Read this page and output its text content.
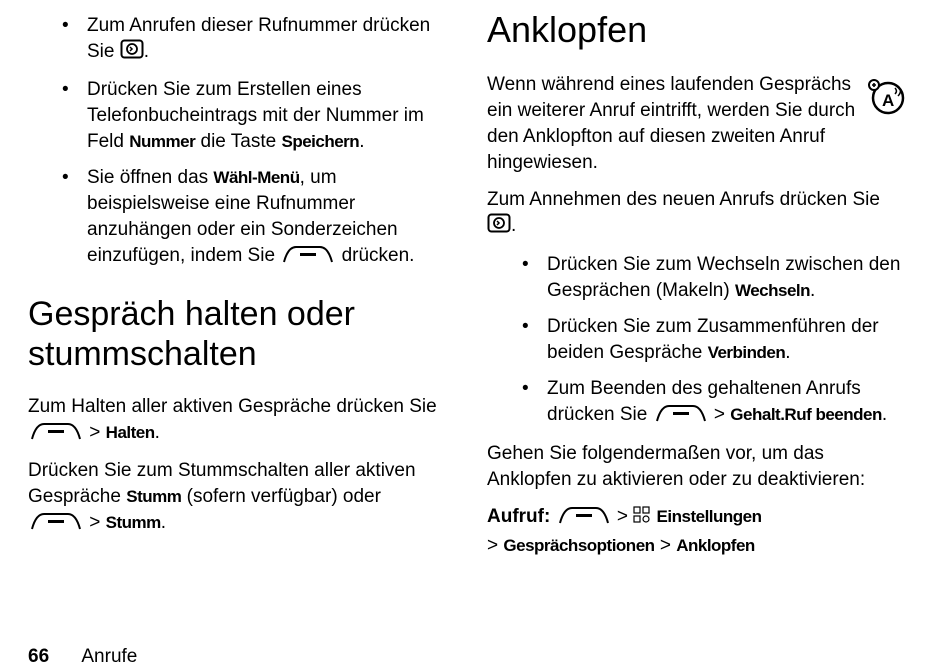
• Zum Anrufen dieser Rufnummer drücken Sie .
• Drücken Sie zum Erstellen eines Telefonbucheintrags mit der Nummer im Feld Nummer die Taste Speichern.
• Sie öffnen das Wähl-Menü, um beispielsweise eine Rufnummer anzuhängen oder ein Sonderzeichen einzufügen, indem Sie	drücken.
Gespräch halten oder
stummschalten

Zum Halten aller aktiven Gespräche drücken Sie  > Halten.

Drücken Sie zum Stummschalten aller aktiven Gespräche Stumm (sofern verfügbar) oder
> Stumm.

Anklopfen
A

Wenn während eines laufenden Gesprächs ein weiterer Anruf eintrifft, werden Sie durch den Anklopfton auf diesen zweiten Anruf hingewiesen.

Zum Annehmen des neuen Anrufs drücken Sie .

• Drücken Sie zum Wechseln zwischen den Gesprächen (Makeln) Wechseln.
• Drücken Sie zum Zusammenführen der beiden Gespräche Verbinden.
• Zum Beenden des gehaltenen Anrufs drücken Sie	> Gehalt.Ruf beenden.

Gehen Sie folgendermaßen vor, um das Anklopfen zu aktivieren oder zu deaktivieren:

Aufruf:	> Einstellungen
> Gesprächsoptionen > Anklopfen

66 Anrufe
